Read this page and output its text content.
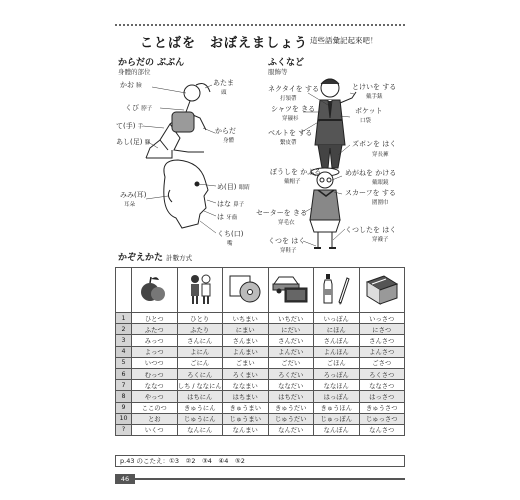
ことばを　おぼえましょう 這些語彙記起來吧！
からだの ぶぶん
身體的部位
ふくなど
服飾等
かお 臉	あたま
頭
くび 脖子
て(手) 手
あし(足) 腳
からだ
身體
みみ(耳)
耳朵
め(目) 眼睛
はな 鼻子
は 牙齒
くち(口)
嘴
ネクタイを する
打領帶
とけいを する
戴手錶
シャツを きる
穿襯衫
ポケット
口袋
ベルトを する
繫皮帶	ズボンを はく
穿長褲
ぼうしを かぶる
戴帽子
めがねを かける
戴眼鏡
スカーフを する
圍圍巾
セーターを きる
穿毛衣
くつしたを はく
穿襪子
くつを はく
穿鞋子
かぞえかた 計數方式

1	ひとつ	ひとり	いちまい	いちだい	いっぽん	いっさつ
2	ふたつ	ふたり	にまい	にだい	にほん	にさつ
3	みっつ	さんにん	さんまい	さんだい	さんぼん	さんさつ
4	よっつ	よにん	よんまい	よんだい	よんほん	よんさつ
5	いつつ	ごにん	ごまい	ごだい	ごほん	ごさつ
6	むっつ	ろくにん	ろくまい	ろくだい	ろっぽん	ろくさつ
7	ななつ	しち / ななにん	ななまい	ななだい	ななほん	ななさつ
8	やっつ	はちにん	はちまい	はちだい	はっぽん	はっさつ
9	ここのつ	きゅうにん	きゅうまい	きゅうだい	きゅうほん	きゅうさつ
10	とお	じゅうにん	じゅうまい	じゅうだい	じゅっぽん	じゅっさつ
?	いくつ	なんにん	なんまい	なんだい	なんぼん	なんさつ
p.43 のこたえ：①3　②2　③4　④4　⑤2
46
